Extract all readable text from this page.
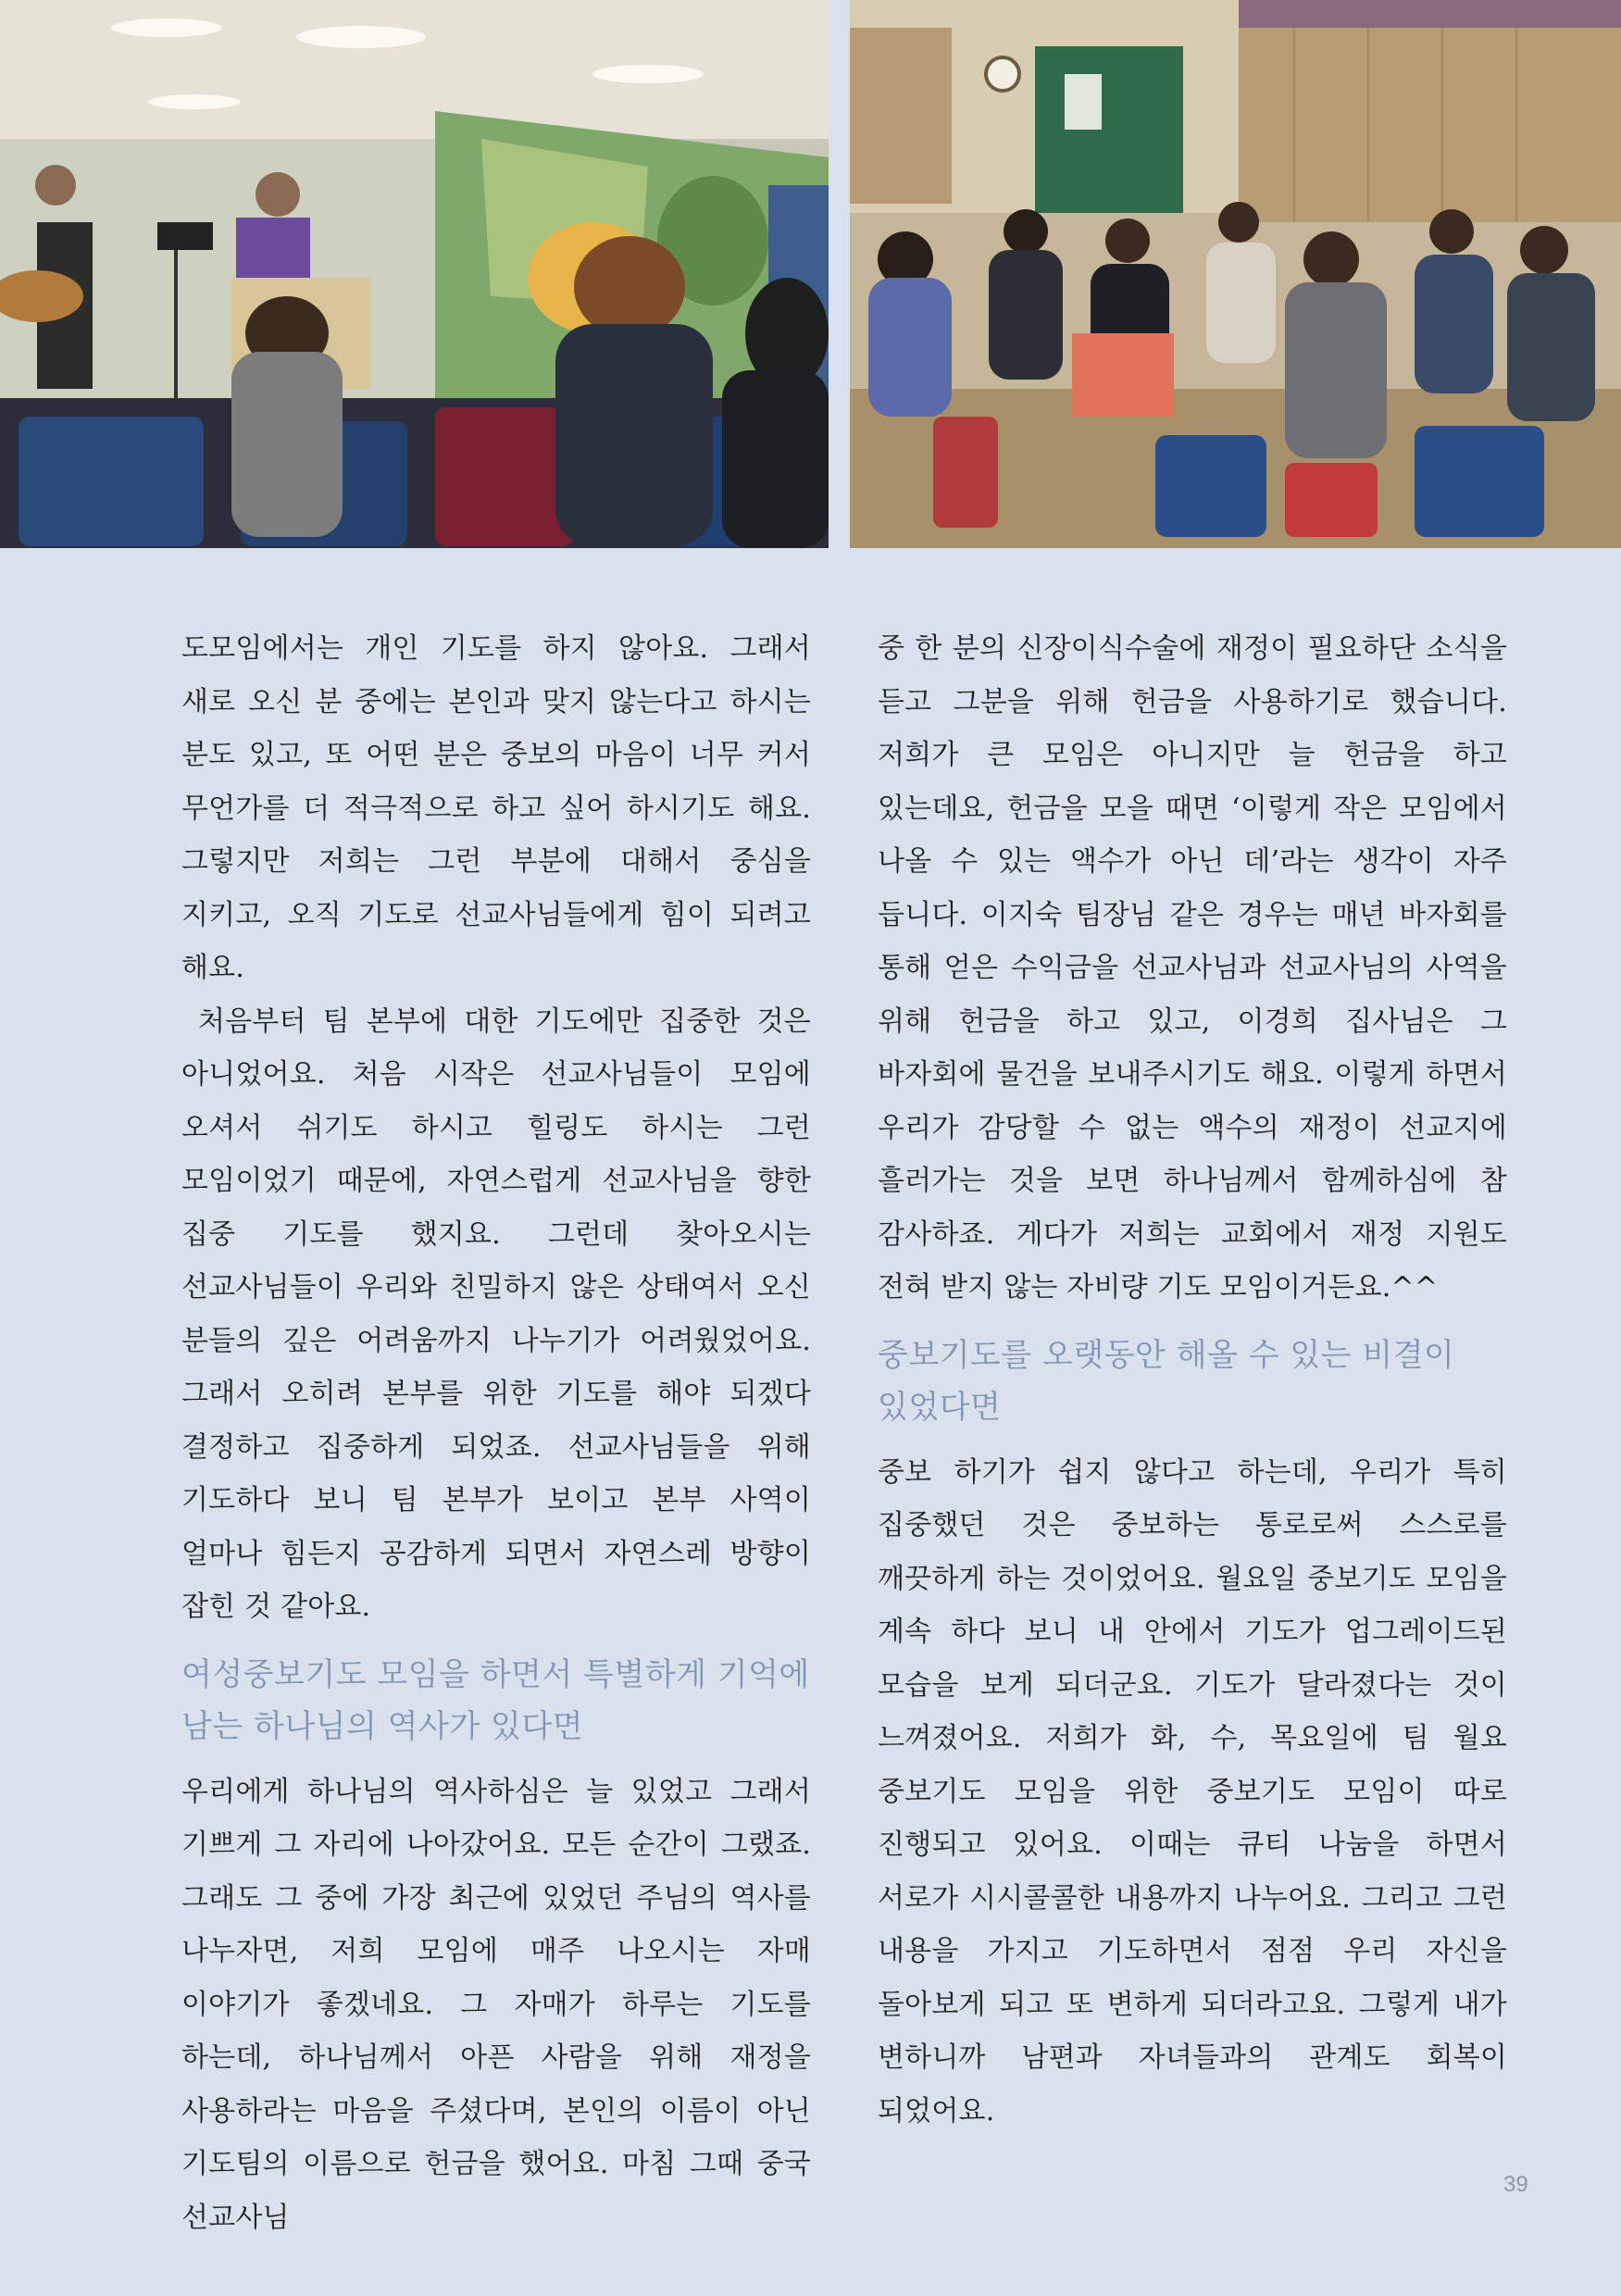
도모임에서는 개인 기도를 하지 않아요. 그래서 새로 오신 분 중에는 본인과 맞지 않는다고 하시는 분도 있고, 또 어떤 분은 중보의 마음이 너무 커서 무언가를 더 적극적으로 하고 싶어 하시기도 해요. 그렇지만 저희는 그런 부분에 대해서 중심을 지키고, 오직 기도로 선교사님들에게 힘이 되려고 해요.

처음부터 팀 본부에 대한 기도에만 집중한 것은 아니었어요. 처음 시작은 선교사님들이 모임에 오셔서 쉬기도 하시고 힐링도 하시는 그런 모임이었기 때문에, 자연스럽게 선교사님을 향한 집중 기도를 했지요. 그런데 찾아오시는 선교사님들이 우리와 친밀하지 않은 상태여서 오신 분들의 깊은 어려움까지 나누기가 어려웠었어요. 그래서 오히려 본부를 위한 기도를 해야 되겠다 결정하고 집중하게 되었죠. 선교사님들을 위해 기도하다 보니 팀 본부가 보이고 본부 사역이 얼마나 힘든지 공감하게 되면서 자연스레 방향이 잡힌 것 같아요.

여성중보기도 모임을 하면서 특별하게 기억에 남는 하나님의 역사가 있다면

우리에게 하나님의 역사하심은 늘 있었고 그래서 기쁘게 그 자리에 나아갔어요. 모든 순간이 그랬죠. 그래도 그 중에 가장 최근에 있었던 주님의 역사를 나누자면, 저희 모임에 매주 나오시는 자매 이야기가 좋겠네요. 그 자매가 하루는 기도를 하는데, 하나님께서 아픈 사람을 위해 재정을 사용하라는 마음을 주셨다며, 본인의 이름이 아닌 기도팀의 이름으로 헌금을 했어요. 마침 그때 중국 선교사님

중 한 분의 신장이식수술에 재정이 필요하단 소식을 듣고 그분을 위해 헌금을 사용하기로 했습니다. 저희가 큰 모임은 아니지만 늘 헌금을 하고 있는데요, 헌금을 모을 때면 ‘이렇게 작은 모임에서 나올 수 있는 액수가 아닌 데’라는 생각이 자주 듭니다. 이지숙 팀장님 같은 경우는 매년 바자회를 통해 얻은 수익금을 선교사님과 선교사님의 사역을 위해 헌금을 하고 있고, 이경희 집사님은 그 바자회에 물건을 보내주시기도 해요. 이렇게 하면서 우리가 감당할 수 없는 액수의 재정이 선교지에 흘러가는 것을 보면 하나님께서 함께하심에 참 감사하죠. 게다가 저희는 교회에서 재정 지원도 전혀 받지 않는 자비량 기도 모임이거든요.^^

중보기도를 오랫동안 해올 수 있는 비결이 있었다면

중보 하기가 쉽지 않다고 하는데, 우리가 특히 집중했던 것은 중보하는 통로로써 스스로를 깨끗하게 하는 것이었어요. 월요일 중보기도 모임을 계속 하다 보니 내 안에서 기도가 업그레이드된 모습을 보게 되더군요. 기도가 달라졌다는 것이 느껴졌어요. 저희가 화, 수, 목요일에 팀 월요 중보기도 모임을 위한 중보기도 모임이 따로 진행되고 있어요. 이때는 큐티 나눔을 하면서 서로가 시시콜콜한 내용까지 나누어요. 그리고 그런 내용을 가지고 기도하면서 점점 우리 자신을 돌아보게 되고 또 변하게 되더라고요. 그렇게 내가 변하니까 남편과 자녀들과의 관계도 회복이 되었어요.

39
